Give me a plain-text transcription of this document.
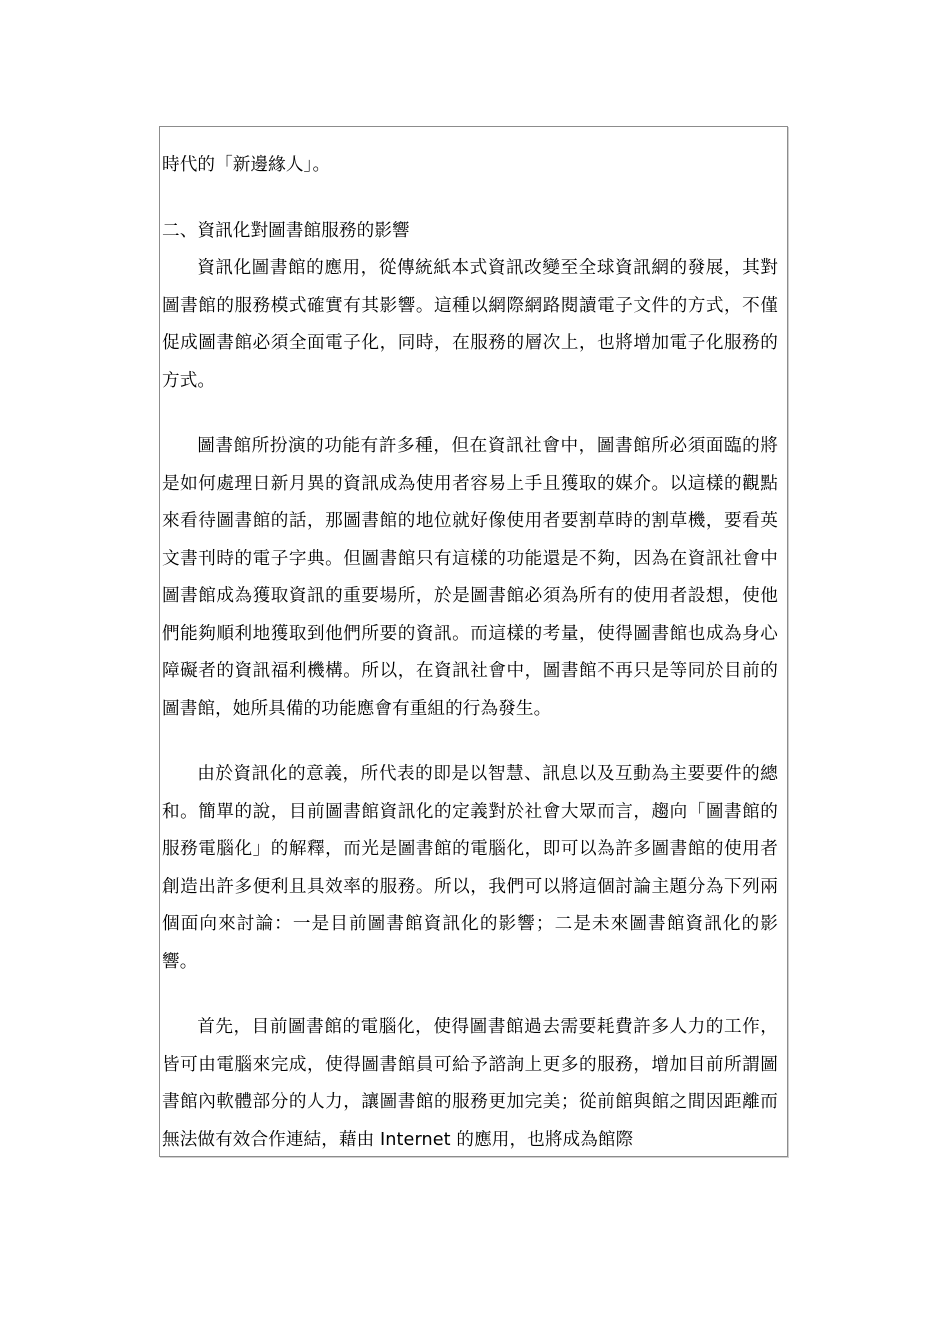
時代的「新邊緣人」。

二、資訊化對圖書館服務的影響

資訊化圖書館的應用，從傳統紙本式資訊改變至全球資訊網的發展，其對圖書館的服務模式確實有其影響。這種以網際網路閱讀電子文件的方式，不僅促成圖書館必須全面電子化，同時，在服務的層次上，也將增加電子化服務的方式。

圖書館所扮演的功能有許多種，但在資訊社會中，圖書館所必須面臨的將是如何處理日新月異的資訊成為使用者容易上手且獲取的媒介。以這樣的觀點來看待圖書館的話，那圖書館的地位就好像使用者要割草時的割草機，要看英文書刊時的電子字典。但圖書館只有這樣的功能還是不夠，因為在資訊社會中圖書館成為獲取資訊的重要場所，於是圖書館必須為所有的使用者設想，使他們能夠順利地獲取到他們所要的資訊。而這樣的考量，使得圖書館也成為身心障礙者的資訊福利機構。所以，在資訊社會中，圖書館不再只是等同於目前的圖書館，她所具備的功能應會有重組的行為發生。

由於資訊化的意義，所代表的即是以智慧、訊息以及互動為主要要件的總和。簡單的說，目前圖書館資訊化的定義對於社會大眾而言，趨向「圖書館的服務電腦化」的解釋，而光是圖書館的電腦化，即可以為許多圖書館的使用者創造出許多便利且具效率的服務。所以，我們可以將這個討論主題分為下列兩個面向來討論：一是目前圖書館資訊化的影響；二是未來圖書館資訊化的影響。

首先，目前圖書館的電腦化，使得圖書館過去需要耗費許多人力的工作，皆可由電腦來完成，使得圖書館員可給予諮詢上更多的服務，增加目前所謂圖書館內軟體部分的人力，讓圖書館的服務更加完美；從前館與館之間因距離而無法做有效合作連結，藉由 Internet 的應用，也將成為館際
